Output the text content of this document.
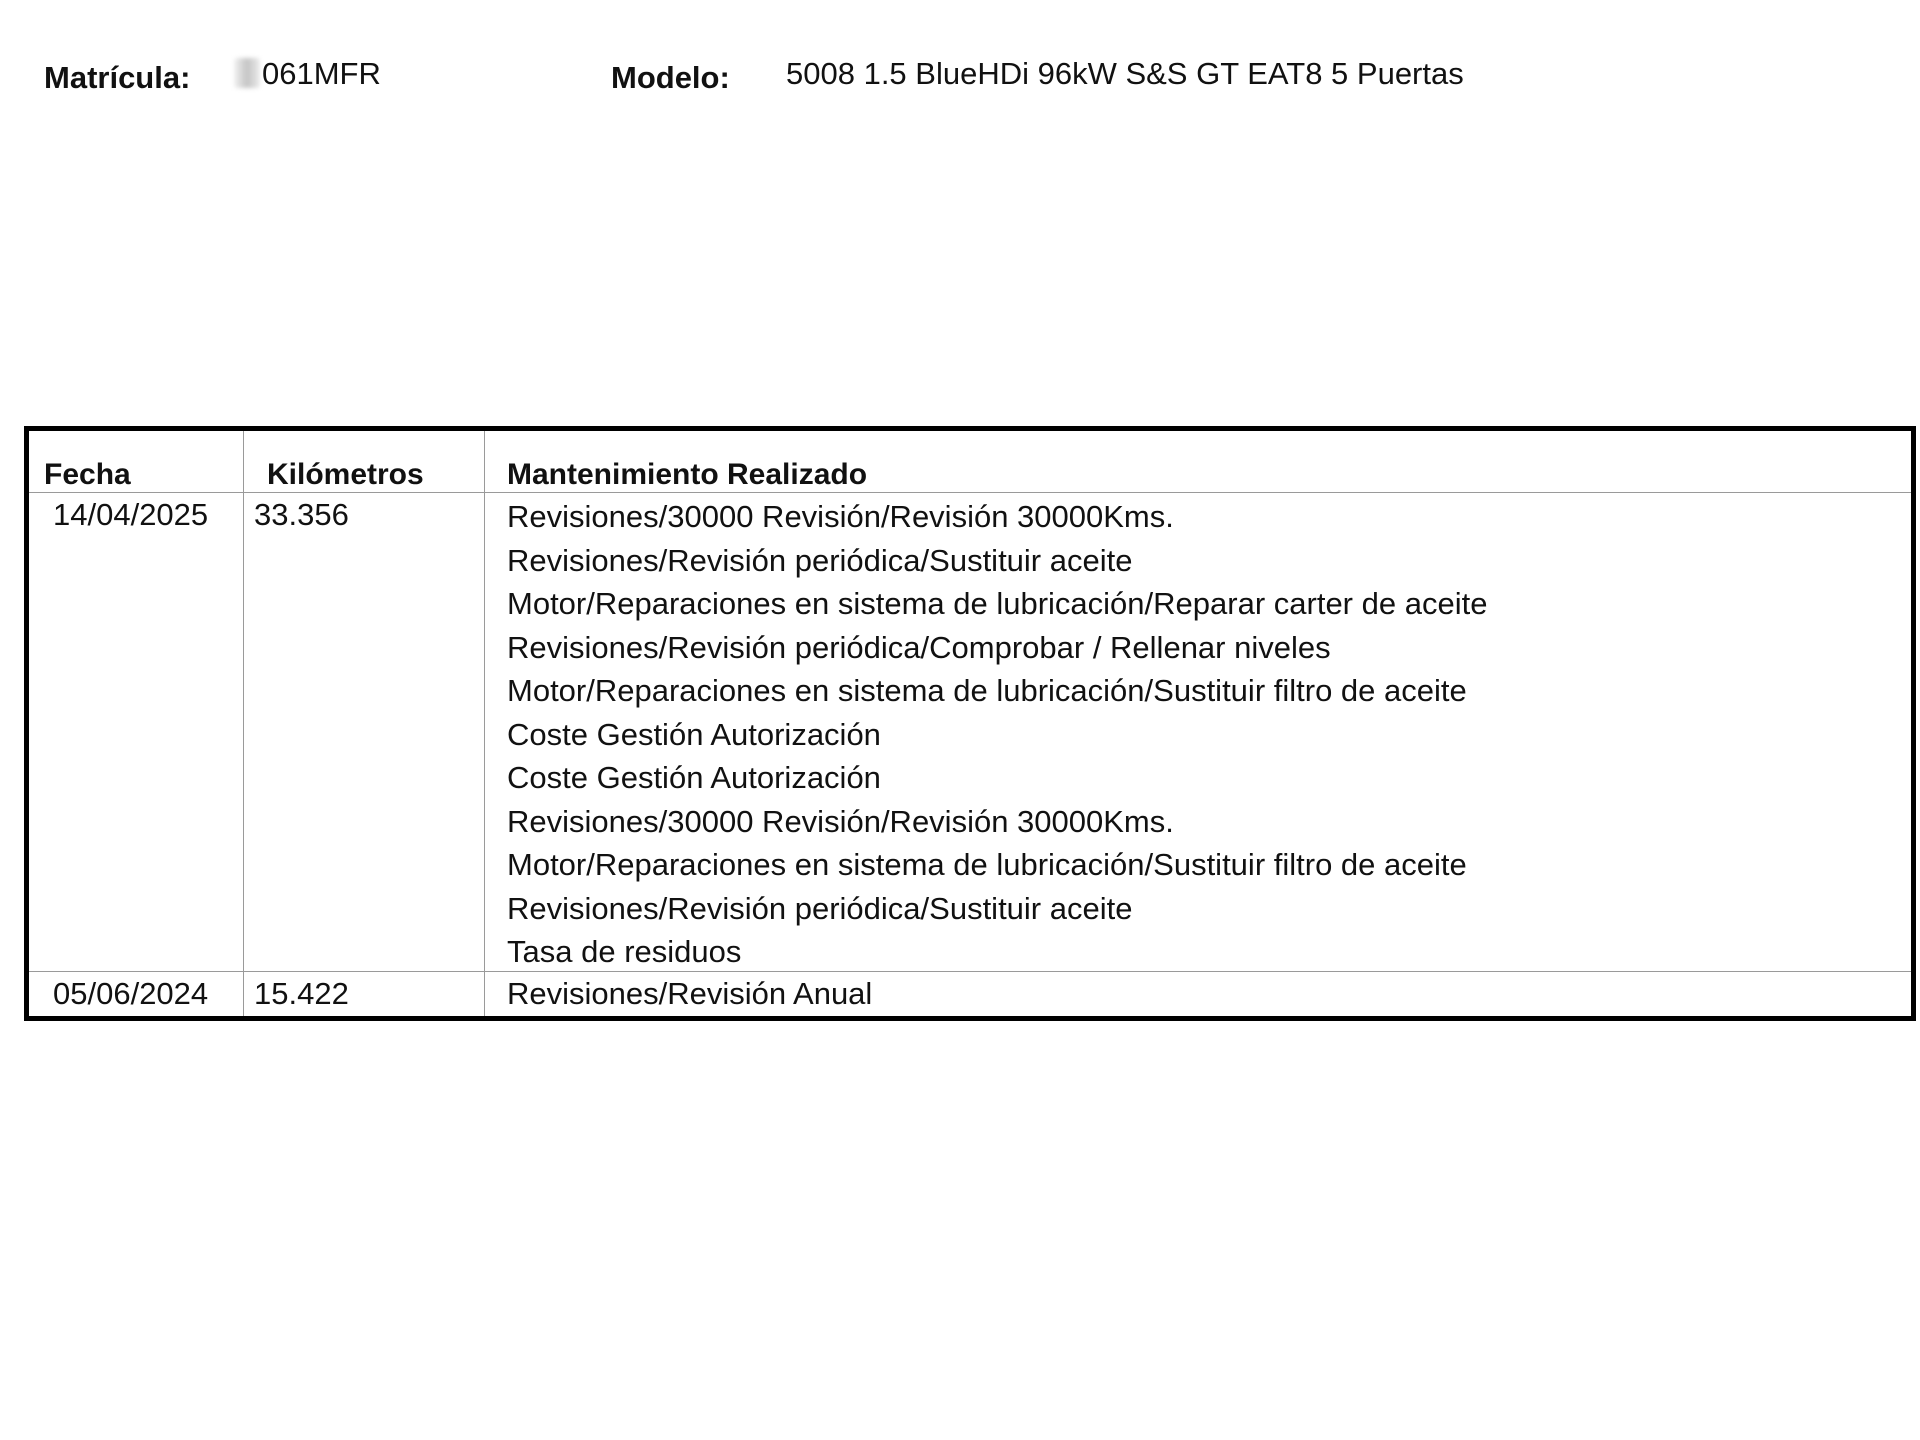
Matrícula:	061MFR	Modelo: 5008 1.5 BlueHDi 96kW S&S GT EAT8 5 Puertas
Fecha	Kilómetros	Mantenimiento Realizado
14/04/2025 33.356	Revisiones/30000 Revisión/Revisión 30000Kms.
Revisiones/Revisión periódica/Sustituir aceite
Motor/Reparaciones en sistema de lubricación/Reparar carter de aceite
Revisiones/Revisión periódica/Comprobar / Rellenar niveles
Motor/Reparaciones en sistema de lubricación/Sustituir filtro de aceite
Coste Gestión Autorización
Coste Gestión Autorización
Revisiones/30000 Revisión/Revisión 30000Kms.
Motor/Reparaciones en sistema de lubricación/Sustituir filtro de aceite
Revisiones/Revisión periódica/Sustituir aceite
Tasa de residuos
05/06/2024 15.422	Revisiones/Revisión Anual
